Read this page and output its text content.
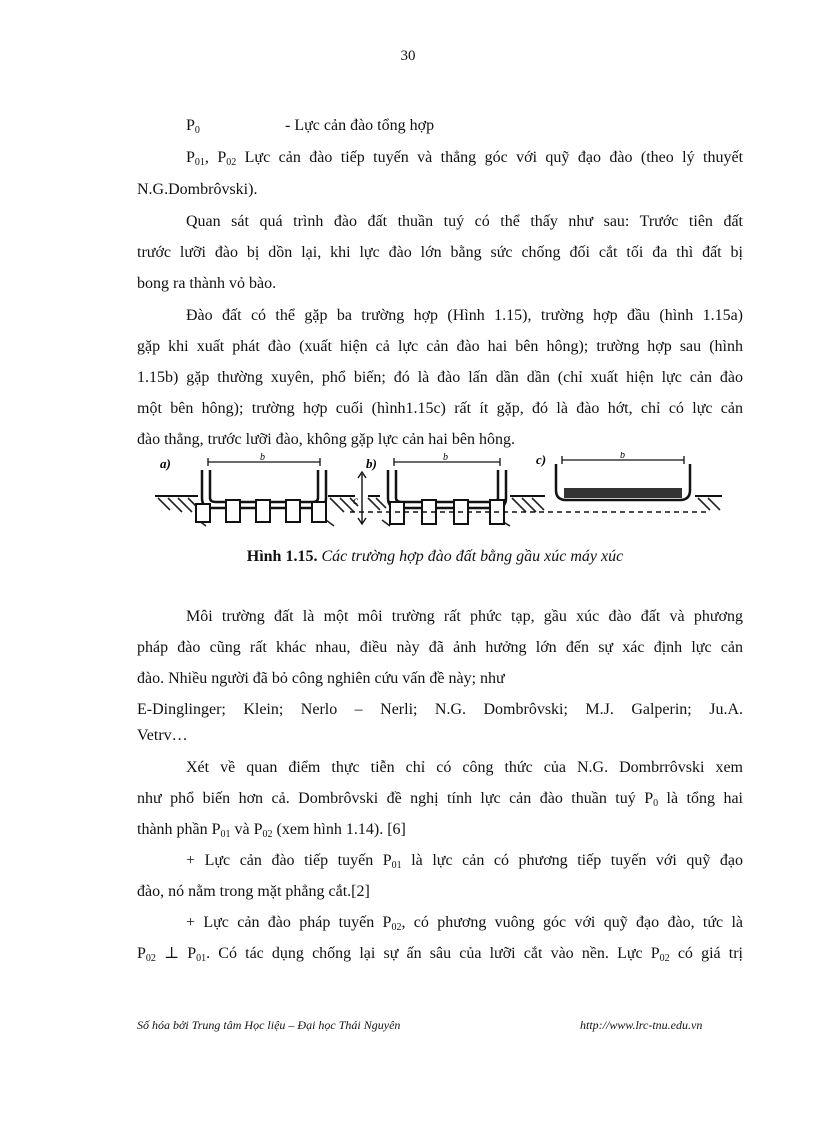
30
$P_0$	- Lực cản đào tổng hợp
$P_{01}$, $P_{02}$ Lực cản đào tiếp tuyến và thẳng góc với quỹ đạo đào (theo lý thuyết
N.G.Dombrôvski).
Quan sát quá trình đào đất thuần tuý có thể thấy như sau: Trước tiên đất
trước lưỡi đào bị dồn lại, khi lực đào lớn bằng sức chống đối cắt tối đa thì đất bị
bong ra thành vỏ bào.
Đào đất có thể gặp ba trường hợp (Hình 1.15), trường hợp đầu (hình 1.15a)
gặp khi xuất phát đào (xuất hiện cả lực cản đào hai bên hông); trường hợp sau (hình
1.15b) gặp thường xuyên, phổ biến; đó là đào lấn dần dần (chỉ xuất hiện lực cản đào
một bên hông); trường hợp cuối (hình1.15c) rất ít gặp, đó là đào hớt, chỉ có lực cản
đào thẳng, trước lưỡi đào, không gặp lực cản hai bên hông.
a)	b)	c)
b	b	b
c
Hình 1.15. Các trường hợp đào đất bằng gầu xúc máy xúc
Môi trường đất là một môi trường rất phức tạp, gầu xúc đào đất và phương
pháp đào cũng rất khác nhau, điều này đã ảnh hưởng lớn đến sự xác định lực cản
đào. Nhiều người đã bỏ công nghiên cứu vấn đề này; như
E-Dinglinger; Klein; Nerlo – Nerli; N.G. Dombrôvski; M.J. Galperin; Ju.A.
Vetrv…
Xét về quan điểm thực tiễn chỉ có công thức của N.G. Dombrrôvski xem
như phổ biến hơn cả. Dombrôvski đề nghị tính lực cản đào thuần tuý $P_0$ là tổng hai
thành phần $P_{01}$ và $P_{02}$ (xem hình 1.14). [6]
+ Lực cản đào tiếp tuyến $P_{01}$ là lực cản có phương tiếp tuyến với quỹ đạo
đào, nó nằm trong mặt phẳng cắt.[2]
+ Lực cản đào pháp tuyến $P_{02}$, có phương vuông góc với quỹ đạo đào, tức là
$P_{02}$ ⊥ $P_{01}$. Có tác dụng chống lại sự ấn sâu của lưỡi cắt vào nền. Lực $P_{02}$ có giá trị
Số hóa bởi Trung tâm Học liệu – Đại học Thái Nguyên	http://www.lrc-tnu.edu.vn
